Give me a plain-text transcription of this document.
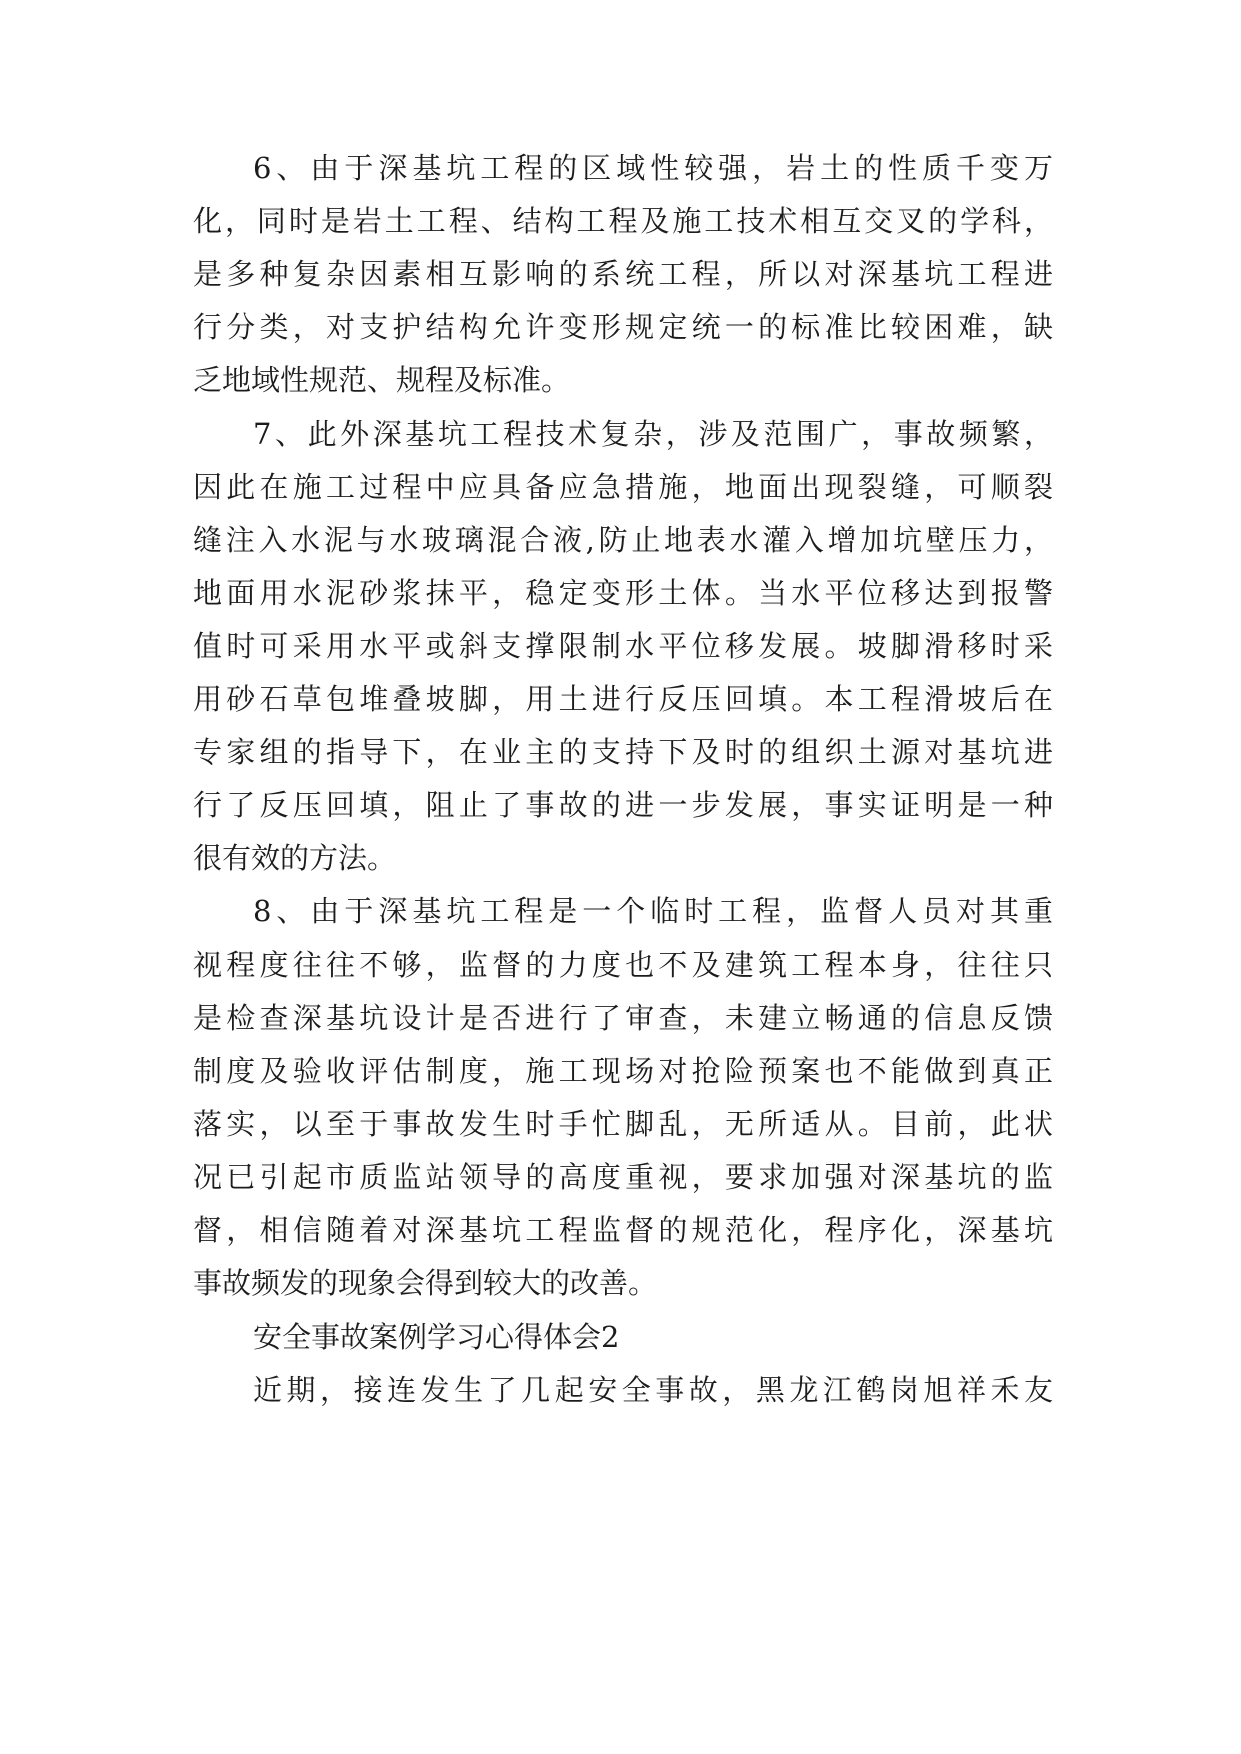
6、由于深基坑工程的区域性较强，岩土的性质千变万

化，同时是岩土工程、结构工程及施工技术相互交叉的学科，

是多种复杂因素相互影响的系统工程，所以对深基坑工程进

行分类，对支护结构允许变形规定统一的标准比较困难，缺

乏地域性规范、规程及标准。

7、此外深基坑工程技术复杂，涉及范围广，事故频繁，

因此在施工过程中应具备应急措施，地面出现裂缝，可顺裂

缝注入水泥与水玻璃混合液,防止地表水灌入增加坑壁压力，

地面用水泥砂浆抹平，稳定变形土体。当水平位移达到报警

值时可采用水平或斜支撑限制水平位移发展。坡脚滑移时采

用砂石草包堆叠坡脚，用土进行反压回填。本工程滑坡后在

专家组的指导下，在业主的支持下及时的组织土源对基坑进

行了反压回填，阻止了事故的进一步发展，事实证明是一种

很有效的方法。

8、由于深基坑工程是一个临时工程，监督人员对其重

视程度往往不够，监督的力度也不及建筑工程本身，往往只

是检查深基坑设计是否进行了审查，未建立畅通的信息反馈

制度及验收评估制度，施工现场对抢险预案也不能做到真正

落实，以至于事故发生时手忙脚乱，无所适从。目前，此状

况已引起市质监站领导的高度重视，要求加强对深基坑的监

督，相信随着对深基坑工程监督的规范化，程序化，深基坑

事故频发的现象会得到较大的改善。

安全事故案例学习心得体会2

近期，接连发生了几起安全事故，黑龙江鹤岗旭祥禾友
